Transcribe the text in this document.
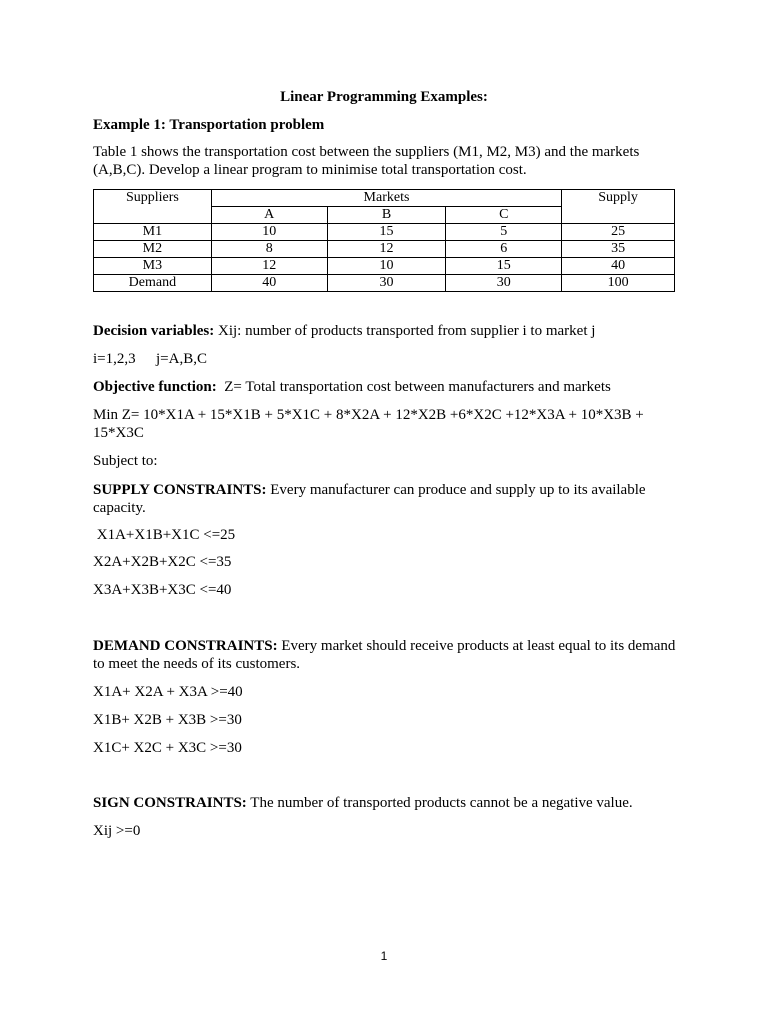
Linear Programming Examples:
Example 1: Transportation problem
Table 1 shows the transportation cost between the suppliers (M1, M2, M3) and the markets (A,B,C). Develop a linear program to minimise total transportation cost.
Suppliers	Markets			Supply
	A	B	C	
M1	10	15	5	25
M2	8	12	6	35
M3	12	10	15	40
Demand	40	30	30	100
Decision variables: Xij: number of products transported from supplier i to market j
i=1,2,3 j=A,B,C
Objective function:  Z= Total transportation cost between manufacturers and markets
Min Z= 10*X1A + 15*X1B + 5*X1C + 8*X2A + 12*X2B +6*X2C +12*X3A + 10*X3B + 15*X3C
Subject to:
SUPPLY CONSTRAINTS: Every manufacturer can produce and supply up to its available capacity.
X1A+X1B+X1C <=25
X2A+X2B+X2C <=35
X3A+X3B+X3C <=40
DEMAND CONSTRAINTS: Every market should receive products at least equal to its demand to meet the needs of its customers.
X1A+ X2A + X3A >=40
X1B+ X2B + X3B >=30
X1C+ X2C + X3C >=30
SIGN CONSTRAINTS: The number of transported products cannot be a negative value.
Xij >=0
1
